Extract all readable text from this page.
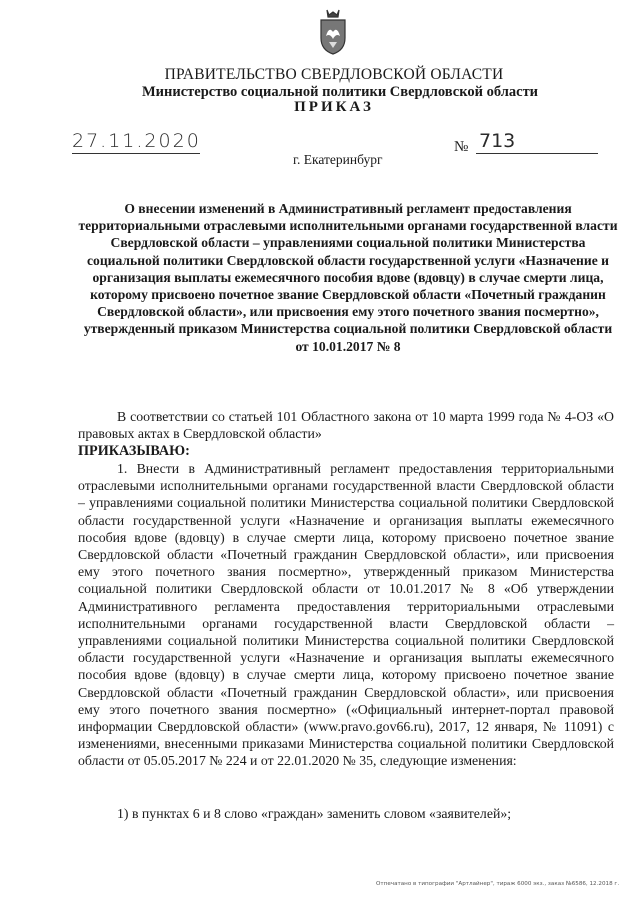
ПРАВИТЕЛЬСТВО СВЕРДЛОВСКОЙ ОБЛАСТИ
Министерство социальной политики Свердловской области
ПРИКАЗ
27.11.2020	№ 713
г. Екатеринбург
О внесении изменений в Административный регламент предоставления территориальными отраслевыми исполнительными органами государственной власти Свердловской области – управлениями социальной политики Министерства социальной политики Свердловской области государственной услуги «Назначение и организация выплаты ежемесячного пособия вдове (вдовцу) в случае смерти лица, которому присвоено почетное звание Свердловской области «Почетный гражданин Свердловской области», или присвоения ему этого почетного звания посмертно», утвержденный приказом Министерства социальной политики Свердловской области от 10.01.2017 № 8
В соответствии со статьей 101 Областного закона от 10 марта 1999 года № 4-ОЗ «О правовых актах в Свердловской области»
ПРИКАЗЫВАЮ:
1. Внести в Административный регламент предоставления территориальными отраслевыми исполнительными органами государственной власти Свердловской области – управлениями социальной политики Министерства социальной политики Свердловской области государственной услуги «Назначение и организация выплаты ежемесячного пособия вдове (вдовцу) в случае смерти лица, которому присвоено почетное звание Свердловской области «Почетный гражданин Свердловской области», или присвоения ему этого почетного звания посмертно», утвержденный приказом Министерства социальной политики Свердловской области от 10.01.2017 № 8 «Об утверждении Административного регламента предоставления территориальными отраслевыми исполнительными органами государственной власти Свердловской области – управлениями социальной политики Министерства социальной политики Свердловской области государственной услуги «Назначение и организация выплаты ежемесячного пособия вдове (вдовцу) в случае смерти лица, которому присвоено почетное звание Свердловской области «Почетный гражданин Свердловской области», или присвоения ему этого почетного звания посмертно» («Официальный интернет-портал правовой информации Свердловской области» (www.pravo.gov66.ru), 2017, 12 января, № 11091) с изменениями, внесенными приказами Министерства социальной политики Свердловской области от 05.05.2017 № 224 и от 22.01.2020 № 35, следующие изменения:
1) в пунктах 6 и 8 слово «граждан» заменить словом «заявителей»;
Отпечатано в типографии "Артлайнер", тираж 6000 экз., заказ №6586, 12.2018 г.
